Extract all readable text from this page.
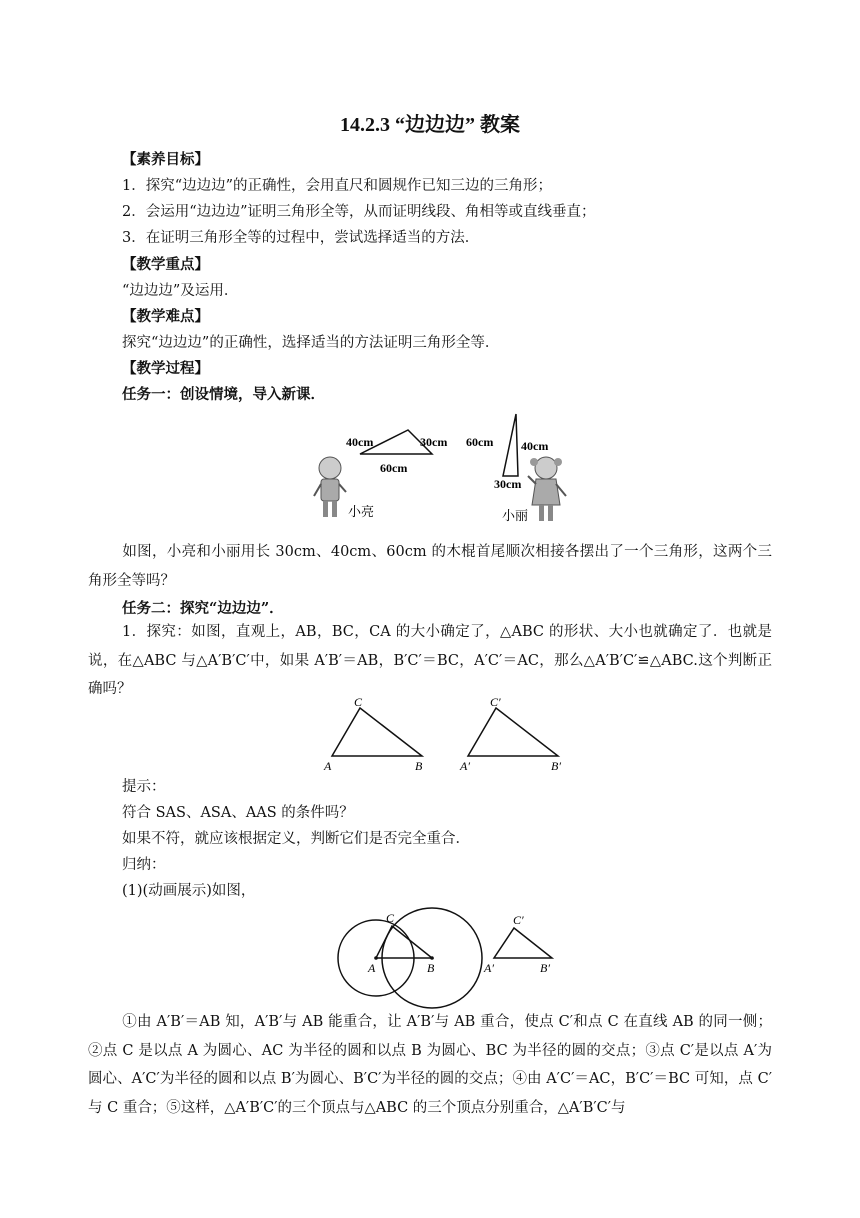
14.2.3 “边边边” 教案
【素养目标】
1．探究“边边边”的正确性，会用直尺和圆规作已知三边的三角形；
2．会运用“边边边”证明三角形全等，从而证明线段、角相等或直线垂直；
3．在证明三角形全等的过程中，尝试选择适当的方法．
【教学重点】
“边边边”及运用．
【教学难点】
探究“边边边”的正确性，选择适当的方法证明三角形全等．
【教学过程】
任务一：创设情境，导入新课．
40cm	30cm
60cm
60cm 40cm
30cm
小亮	小丽
如图，小亮和小丽用长 30cm、40cm、60cm 的木棍首尾顺次相接各摆出了一个三角形，这两个三角形全等吗？
任务二：探究“边边边”．
1．探究：如图，直观上，AB，BC，CA 的大小确定了，△ABC 的形状、大小也就确定了．也就是说，在△ABC 与△A′B′C′中，如果 A′B′＝AB，B′C′＝BC，A′C′＝AC，那么△A′B′C′≌△ABC.这个判断正确吗？
A	B
C
A′	B′
C′
提示：
符合 SAS、ASA、AAS 的条件吗？
如果不符，就应该根据定义，判断它们是否完全重合．
归纳：
(1)(动画展示)如图，
A	B
C
A′	B′
C′
①由 A′B′＝AB 知，A′B′与 AB 能重合，让 A′B′与 AB 重合，使点 C′和点 C 在直线 AB 的同一侧；②点 C 是以点 A 为圆心、AC 为半径的圆和以点 B 为圆心、BC 为半径的圆的交点；③点 C′是以点 A′为圆心、A′C′为半径的圆和以点 B′为圆心、B′C′为半径的圆的交点；④由 A′C′＝AC，B′C′＝BC 可知，点 C′与 C 重合；⑤这样，△A′B′C′的三个顶点与△ABC 的三个顶点分别重合，△A′B′C′与
